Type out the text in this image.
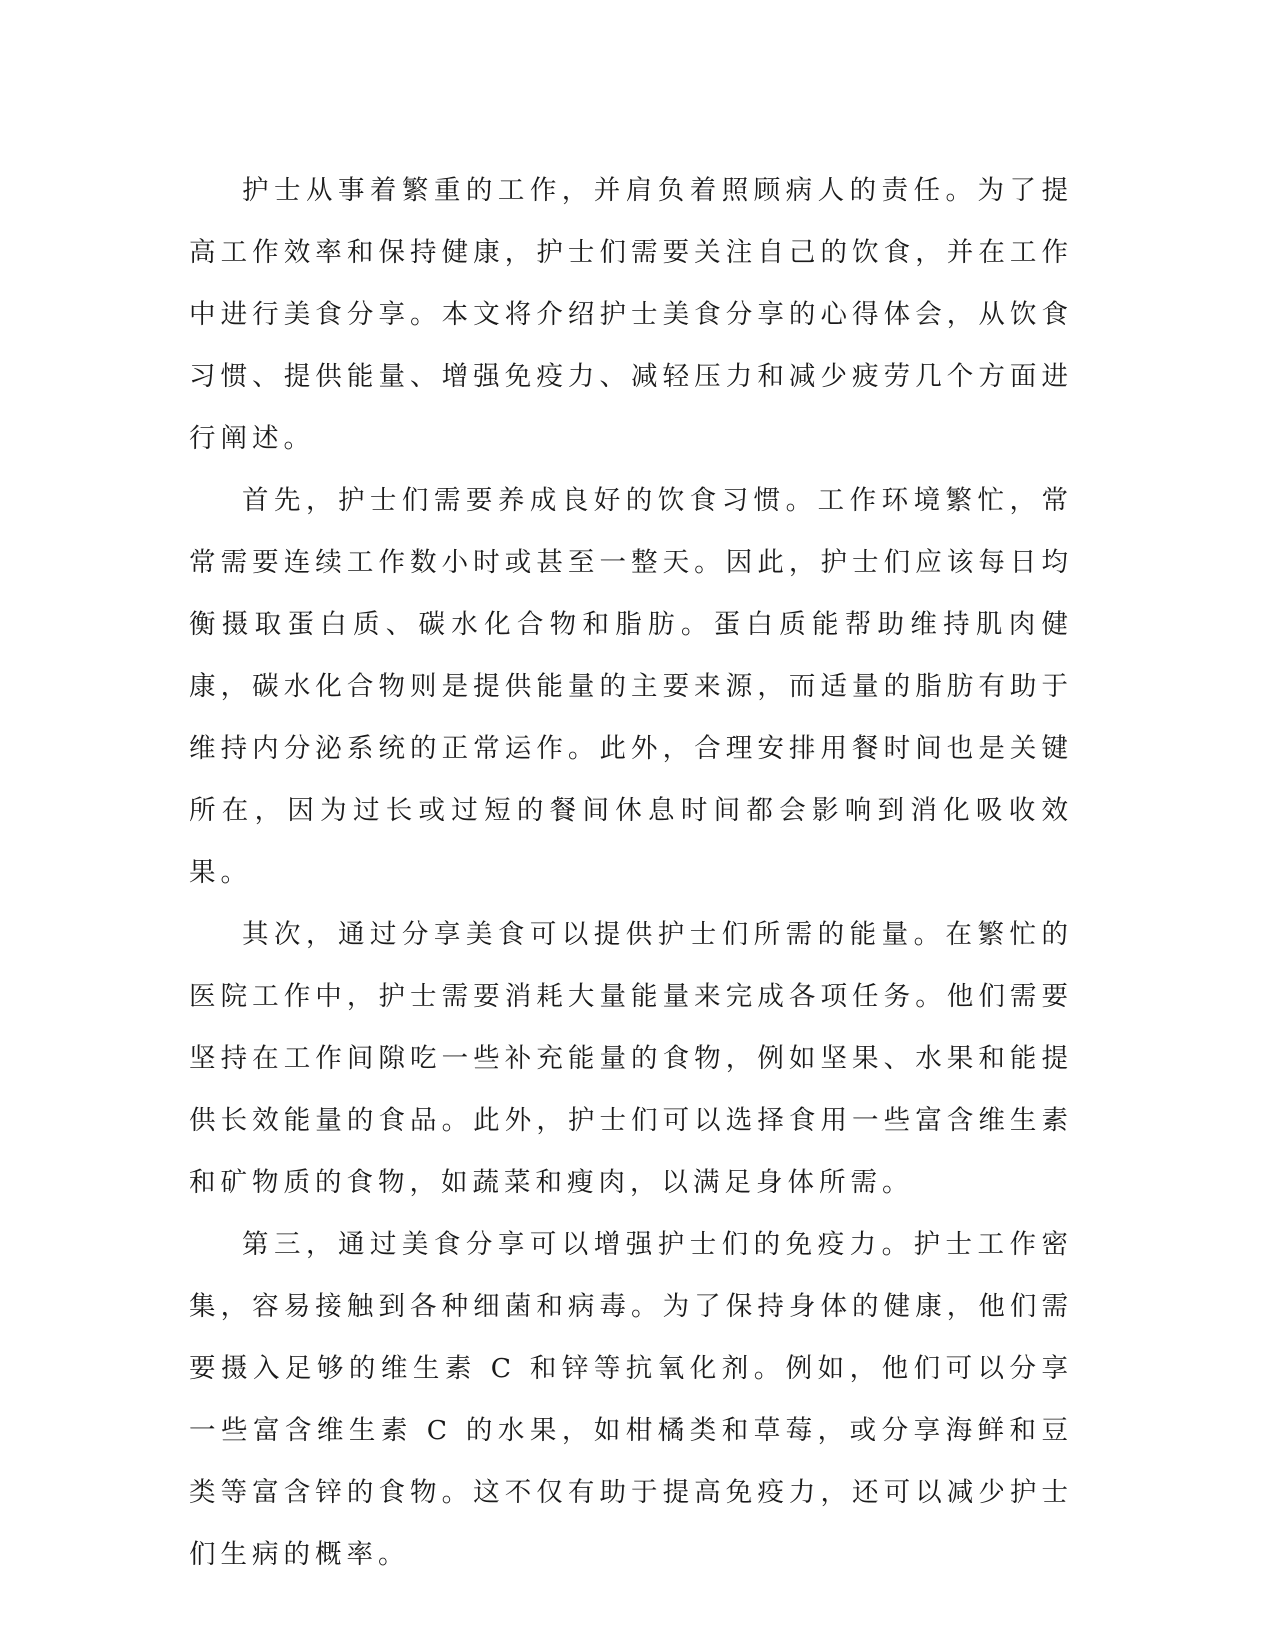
护士从事着繁重的工作，并肩负着照顾病人的责任。为了提高工作效率和保持健康，护士们需要关注自己的饮食，并在工作中进行美食分享。本文将介绍护士美食分享的心得体会，从饮食习惯、提供能量、增强免疫力、减轻压力和减少疲劳几个方面进行阐述。

首先，护士们需要养成良好的饮食习惯。工作环境繁忙，常常需要连续工作数小时或甚至一整天。因此，护士们应该每日均衡摄取蛋白质、碳水化合物和脂肪。蛋白质能帮助维持肌肉健康，碳水化合物则是提供能量的主要来源，而适量的脂肪有助于维持内分泌系统的正常运作。此外，合理安排用餐时间也是关键所在，因为过长或过短的餐间休息时间都会影响到消化吸收效果。

其次，通过分享美食可以提供护士们所需的能量。在繁忙的医院工作中，护士需要消耗大量能量来完成各项任务。他们需要坚持在工作间隙吃一些补充能量的食物，例如坚果、水果和能提供长效能量的食品。此外，护士们可以选择食用一些富含维生素和矿物质的食物，如蔬菜和瘦肉，以满足身体所需。

第三，通过美食分享可以增强护士们的免疫力。护士工作密集，容易接触到各种细菌和病毒。为了保持身体的健康，他们需要摄入足够的维生素 C 和锌等抗氧化剂。例如，他们可以分享一些富含维生素 C 的水果，如柑橘类和草莓，或分享海鲜和豆类等富含锌的食物。这不仅有助于提高免疫力，还可以减少护士们生病的概率。
